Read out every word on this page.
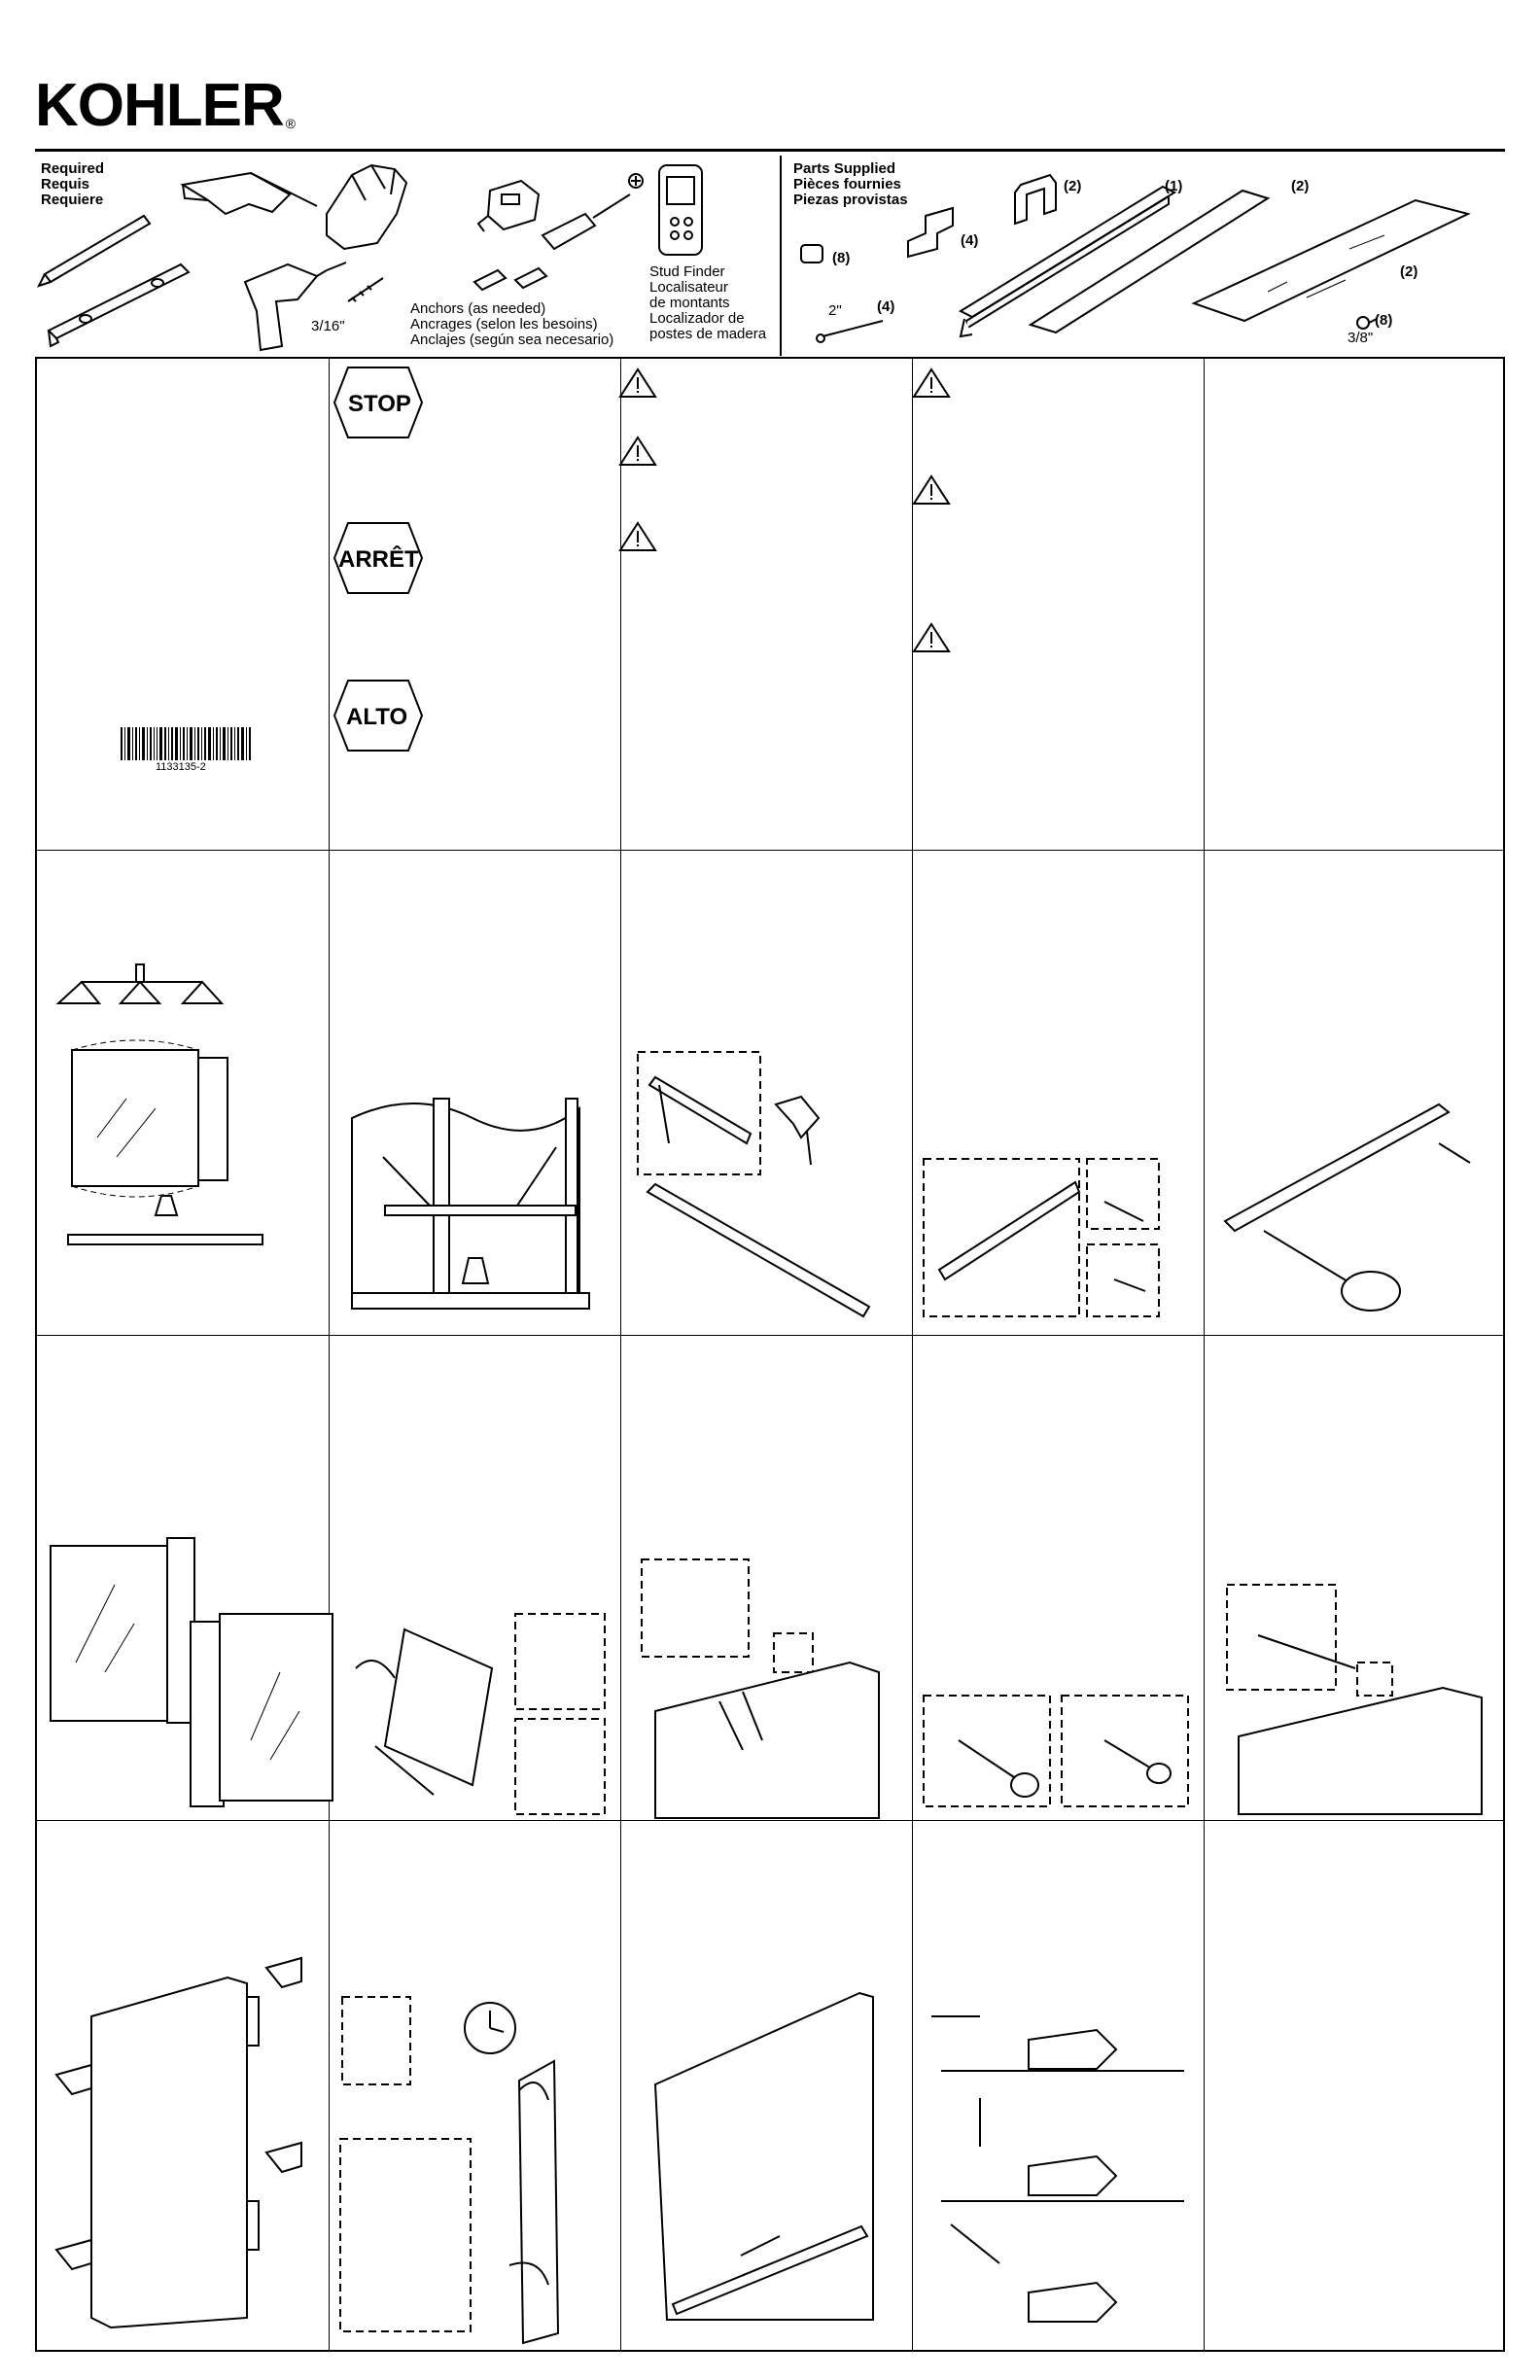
KOHLER ®
Required
Requis
Requiere
3/16"
Anchors (as needed)
Ancrages (selon les besoins)
Anclajes (según sea necesario)
Stud Finder
Localisateur
de montants
Localizador de
postes de madera
Parts Supplied
Pièces fournies
Piezas provistas
(2)	(1)	(2)
(2)
(4)
(8)
2" (4)
(8)
3/8"
1133135-2
STOP
ARRÊT
ALTO
